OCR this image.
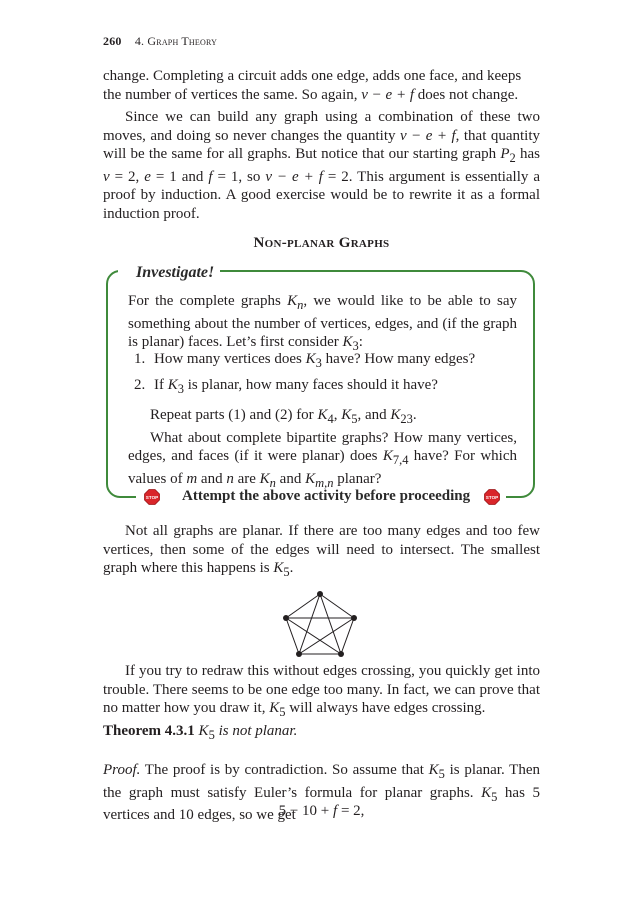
260 4. Graph Theory

change. Completing a circuit adds one edge, adds one face, and keeps
the number of vertices the same. So again, v − e + f does not change.

Since we can build any graph using a combination of these two moves, and doing so never changes the quantity v − e + f, that quantity will be the same for all graphs. But notice that our starting graph $P_2$ has v = 2, e = 1 and f = 1, so v − e + f = 2. This argument is essentially a proof by induction. A good exercise would be to rewrite it as a formal induction proof.

Non-planar Graphs
Investigate!

For the complete graphs $K_n$, we would like to be able to say something about the number of vertices, edges, and (if the graph is planar) faces. Let’s first consider $K_3$:

1. How many vertices does $K_3$ have? How many edges?
2. If $K_3$ is planar, how many faces should it have?

Repeat parts (1) and (2) for $K_4$, $K_5$, and $K_{23}$.

What about complete bipartite graphs? How many vertices, edges, and faces (if it were planar) does $K_{7,4}$ have? For which values of m and n are $K_n$ and $K_{m,n}$ planar?

STOP Attempt the above activity before proceeding	STOP

Not all graphs are planar. If there are too many edges and too few vertices, then some of the edges will need to intersect. The smallest graph where this happens is $K_5$.

If you try to redraw this without edges crossing, you quickly get into trouble. There seems to be one edge too many. In fact, we can prove that no matter how you draw it, $K_5$ will always have edges crossing.

Theorem 4.3.1 $K_5$ is not planar.

Proof. The proof is by contradiction. So assume that $K_5$ is planar. Then the graph must satisfy Euler’s formula for planar graphs. $K_5$ has 5 vertices and 10 edges, so we get

5 − 10 + f = 2,
